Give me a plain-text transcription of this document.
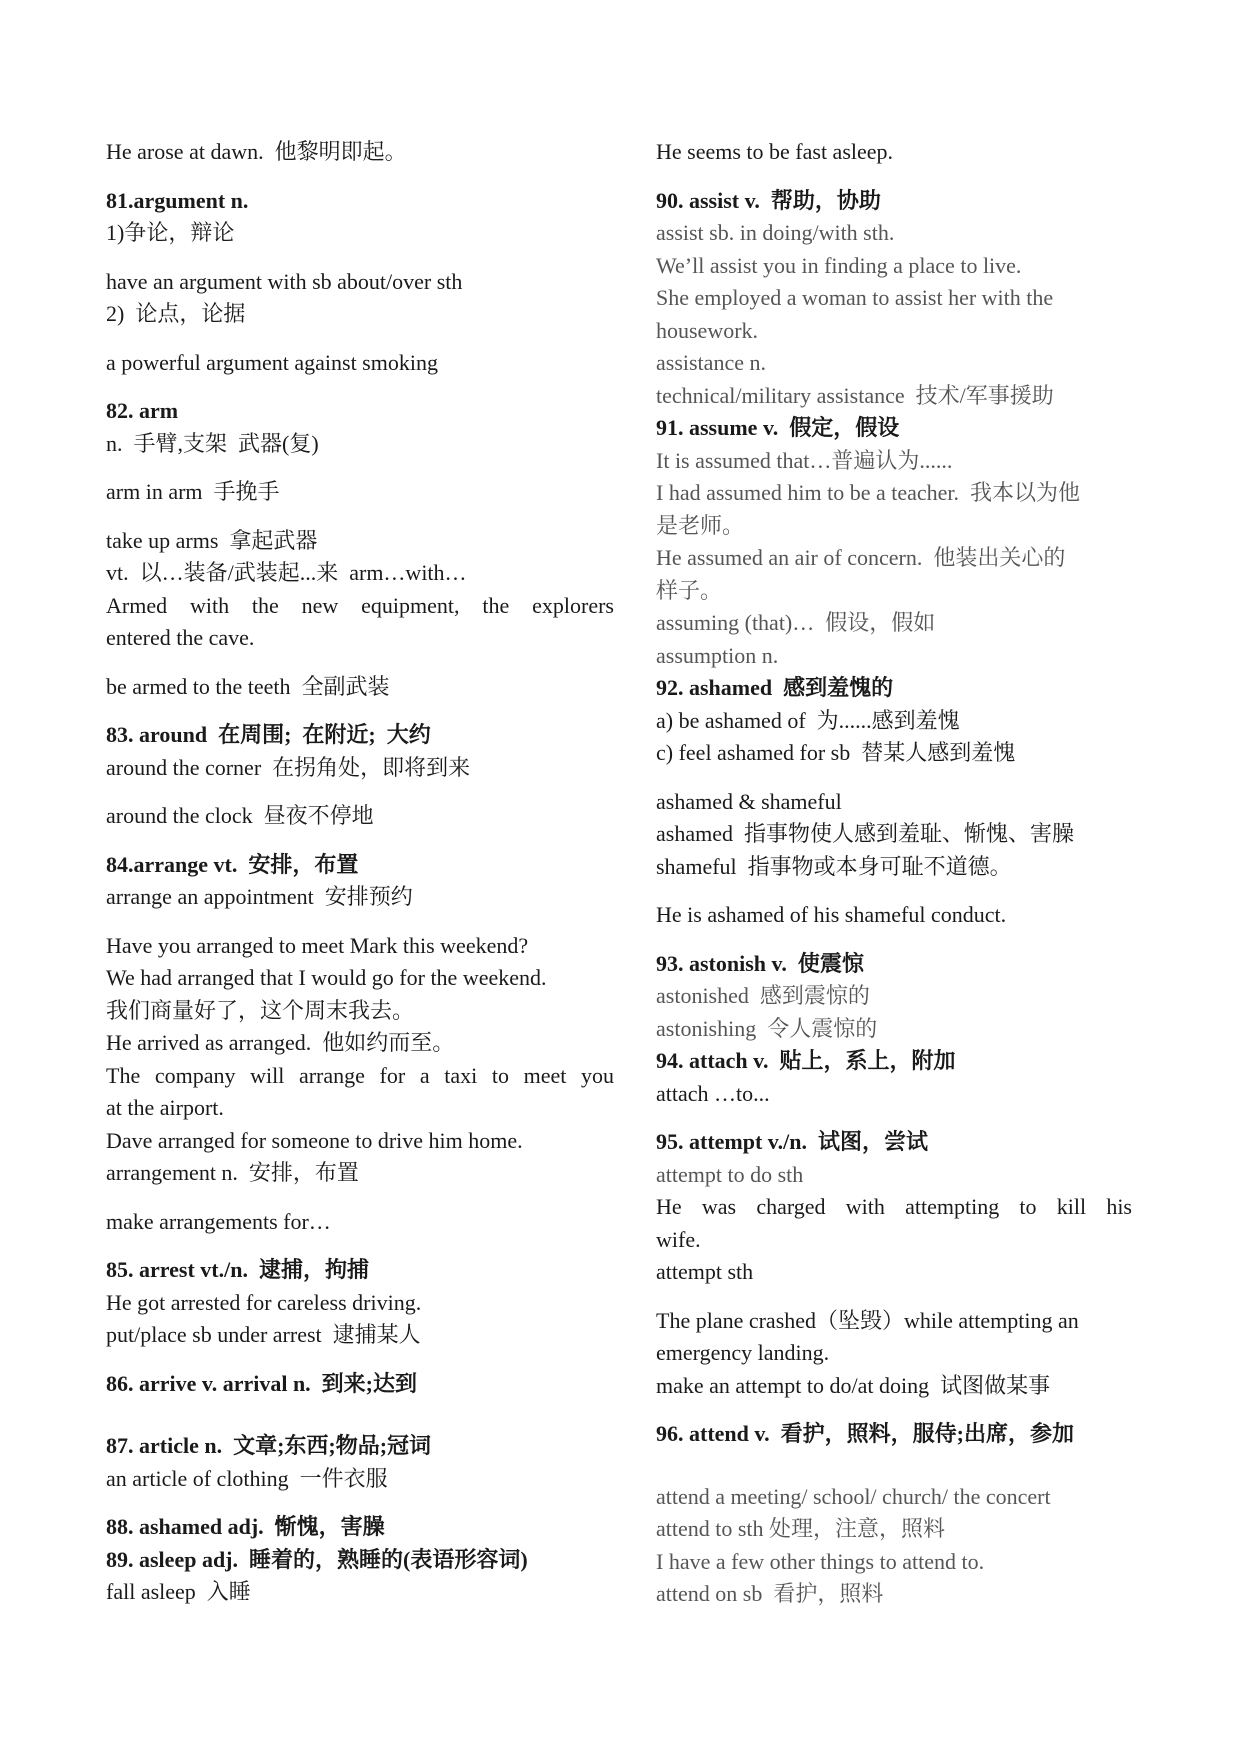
He arose at dawn.  他黎明即起。

81.argument n.

1)争论，辩论

have an argument with sb about/over sth

2)  论点，论据

a powerful argument against smoking

82. arm

n.  手臂,支架  武器(复)

arm in arm  手挽手

take up arms  拿起武器

vt.  以…装备/武装起...来  arm…with…

Armed  with  the  new  equipment,  the  explorers

entered the cave.

be armed to the teeth  全副武装

83. around  在周围;  在附近;  大约

around the corner  在拐角处，即将到来

around the clock  昼夜不停地

84.arrange vt.  安排，布置

arrange an appointment  安排预约

Have you arranged to meet Mark this weekend?

We had arranged that I would go for the weekend.

我们商量好了，这个周末我去。

He arrived as arranged.  他如约而至。

The  company  will  arrange  for  a  taxi  to  meet  you

at the airport.

Dave arranged for someone to drive him home.

arrangement n.  安排，布置

make arrangements for…

85. arrest vt./n.  逮捕，拘捕

He got arrested for careless driving.

put/place sb under arrest  逮捕某人

86. arrive v. arrival n.  到来;达到

87. article n.  文章;东西;物品;冠词

an article of clothing  一件衣服

88. ashamed adj.  惭愧，害臊

89. asleep adj.  睡着的，熟睡的(表语形容词)

fall asleep  入睡

He seems to be fast asleep.

90. assist v.  帮助，协助

assist sb. in doing/with sth.

We’ll assist you in finding a place to live.

She employed a woman to assist her with the

housework.

assistance n.

technical/military assistance  技术/军事援助

91. assume v.  假定，假设

It is assumed that…普遍认为......

I had assumed him to be a teacher.  我本以为他

是老师。

He assumed an air of concern.  他装出关心的

样子。

assuming (that)…  假设，假如

assumption n.

92. ashamed  感到羞愧的

a) be ashamed of  为......感到羞愧

c) feel ashamed for sb  替某人感到羞愧

ashamed & shameful

ashamed  指事物使人感到羞耻、惭愧、害臊

shameful  指事物或本身可耻不道德。

He is ashamed of his shameful conduct.

93. astonish v.  使震惊

astonished  感到震惊的

astonishing  令人震惊的

94. attach v.  贴上，系上，附加

attach …to...

95. attempt v./n.  试图，尝试

attempt to do sth

He  was  charged  with  attempting  to  kill  his

wife.

attempt sth

The plane crashed（坠毁）while attempting an

emergency landing.

make an attempt to do/at doing  试图做某事

96. attend v.  看护，照料，服侍;出席，参加

attend a meeting/ school/ church/ the concert

attend to sth 处理，注意，照料

I have a few other things to attend to.

attend on sb  看护，照料
